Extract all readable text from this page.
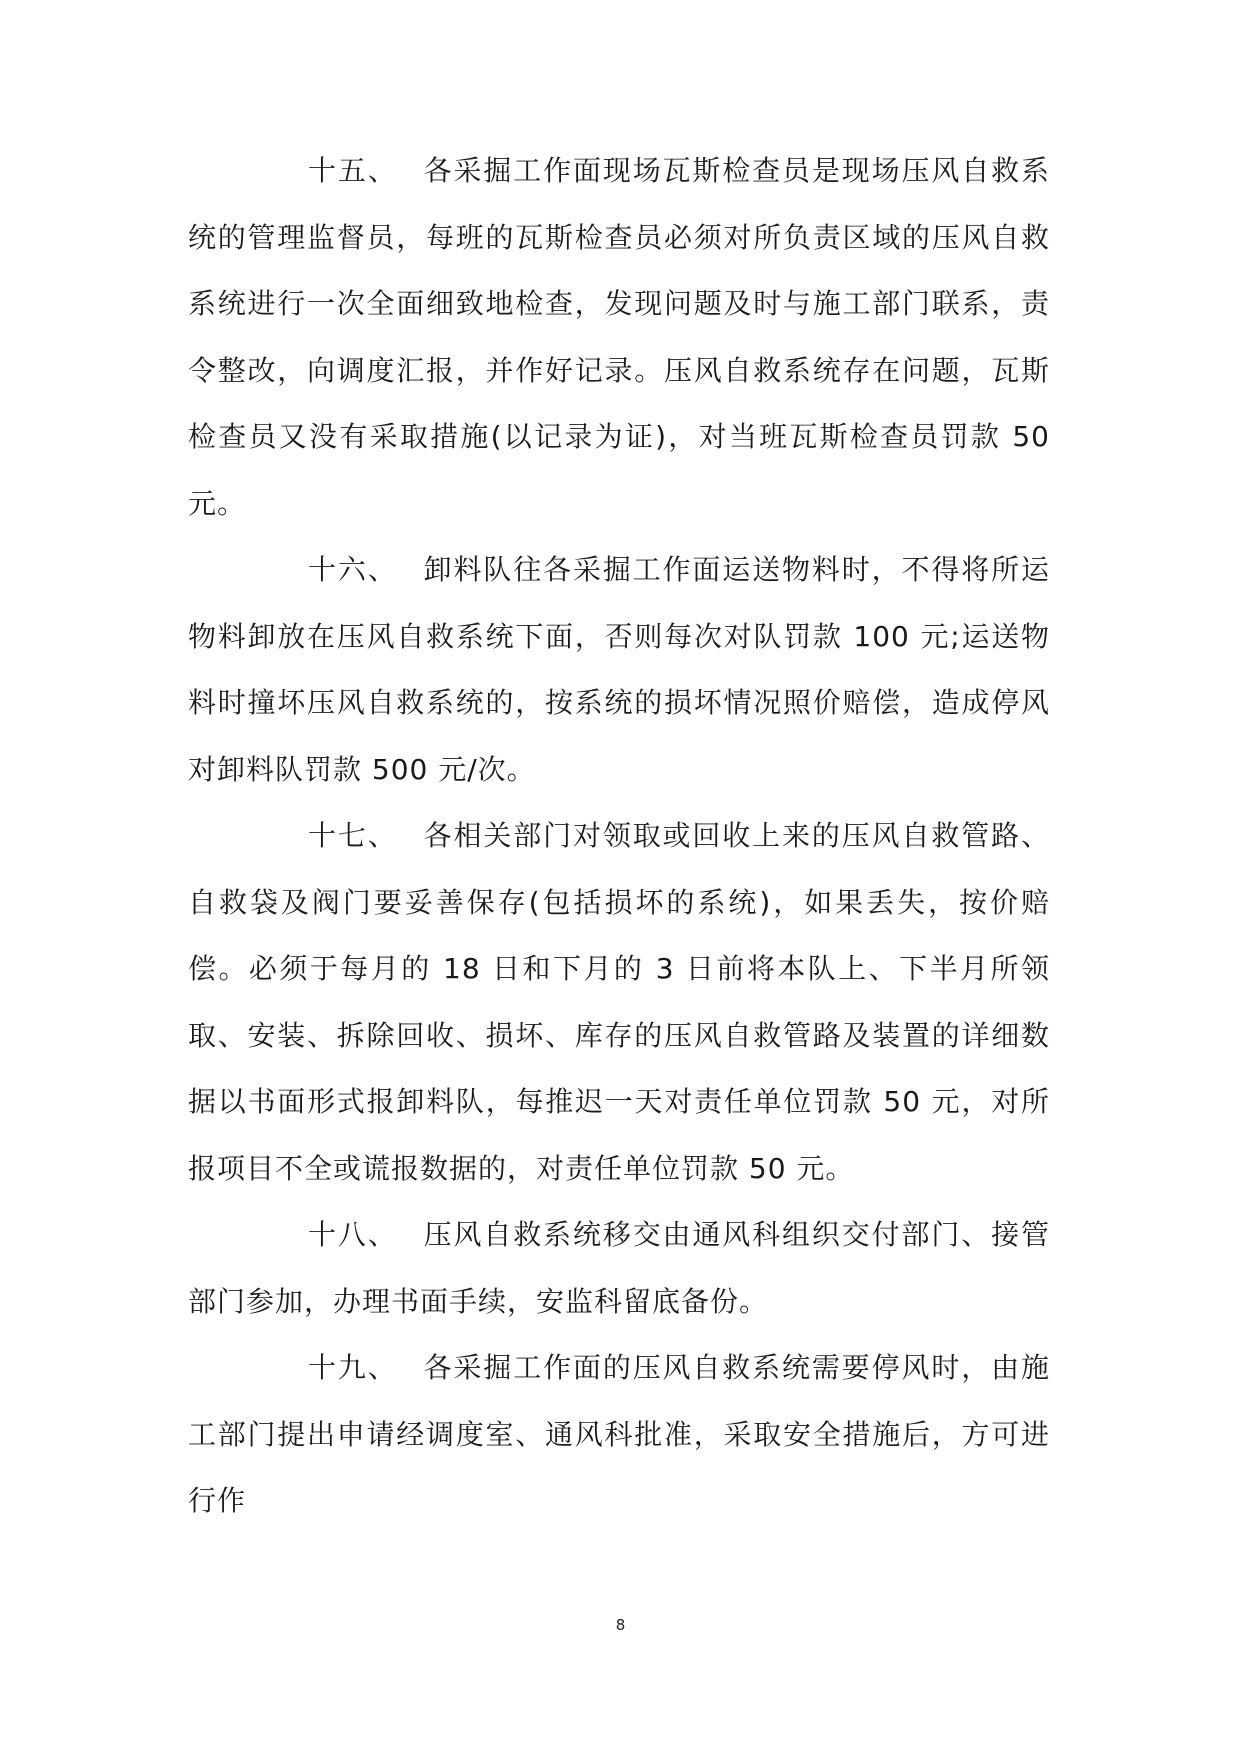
十五、 各采掘工作面现场瓦斯检查员是现场压风自救系统的管理监督员，每班的瓦斯检查员必须对所负责区域的压风自救系统进行一次全面细致地检查，发现问题及时与施工部门联系，责令整改，向调度汇报，并作好记录。压风自救系统存在问题，瓦斯检查员又没有采取措施(以记录为证)，对当班瓦斯检查员罚款 50 元。

十六、 卸料队往各采掘工作面运送物料时，不得将所运物料卸放在压风自救系统下面，否则每次对队罚款 100 元;运送物料时撞坏压风自救系统的，按系统的损坏情况照价赔偿，造成停风对卸料队罚款 500 元/次。

十七、 各相关部门对领取或回收上来的压风自救管路、自救袋及阀门要妥善保存(包括损坏的系统)，如果丢失，按价赔偿。必须于每月的 18 日和下月的 3 日前将本队上、下半月所领取、安装、拆除回收、损坏、库存的压风自救管路及装置的详细数据以书面形式报卸料队，每推迟一天对责任单位罚款 50 元，对所报项目不全或谎报数据的，对责任单位罚款 50 元。

十八、 压风自救系统移交由通风科组织交付部门、接管部门参加，办理书面手续，安监科留底备份。

十九、 各采掘工作面的压风自救系统需要停风时，由施工部门提出申请经调度室、通风科批准，采取安全措施后，方可进行作

8
